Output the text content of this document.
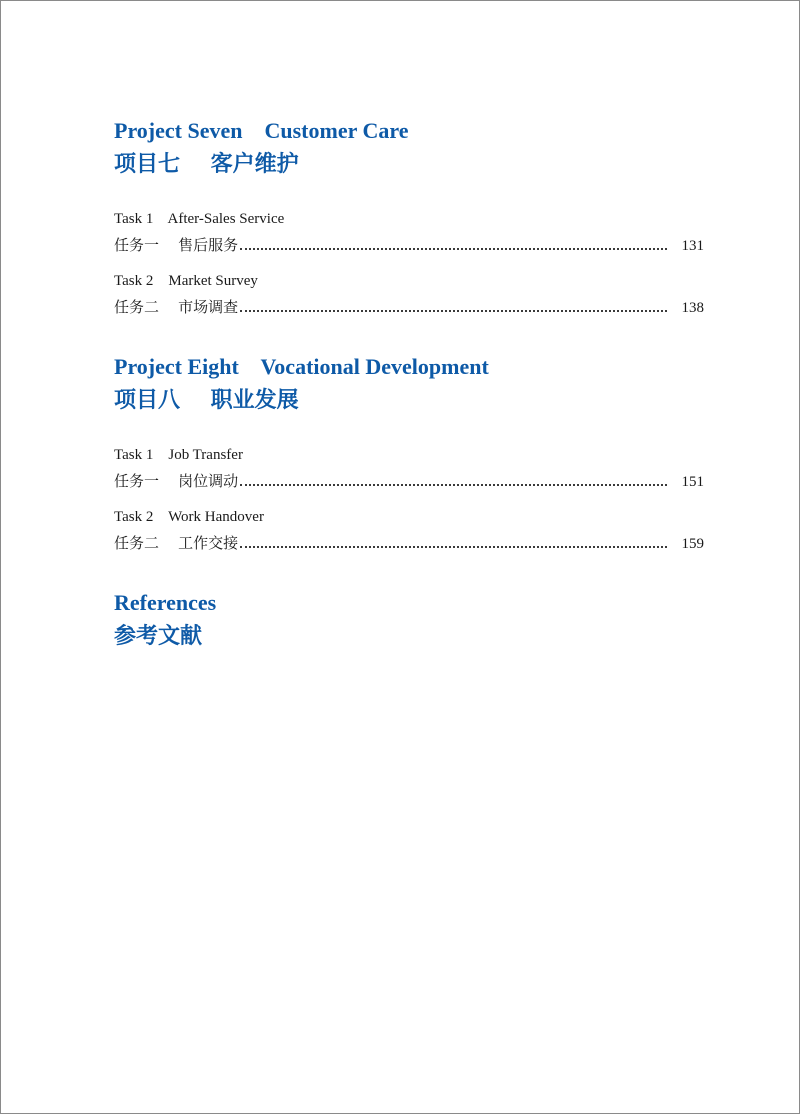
Project Seven    Customer Care
项目七    客户维护
Task 1    After-Sales Service
任务一    售后服务	131
Task 2    Market Survey
任务二    市场调查	138
Project Eight    Vocational Development
项目八    职业发展
Task 1    Job Transfer
任务一    岗位调动	151
Task 2    Work Handover
任务二    工作交接	159
References
参考文献
